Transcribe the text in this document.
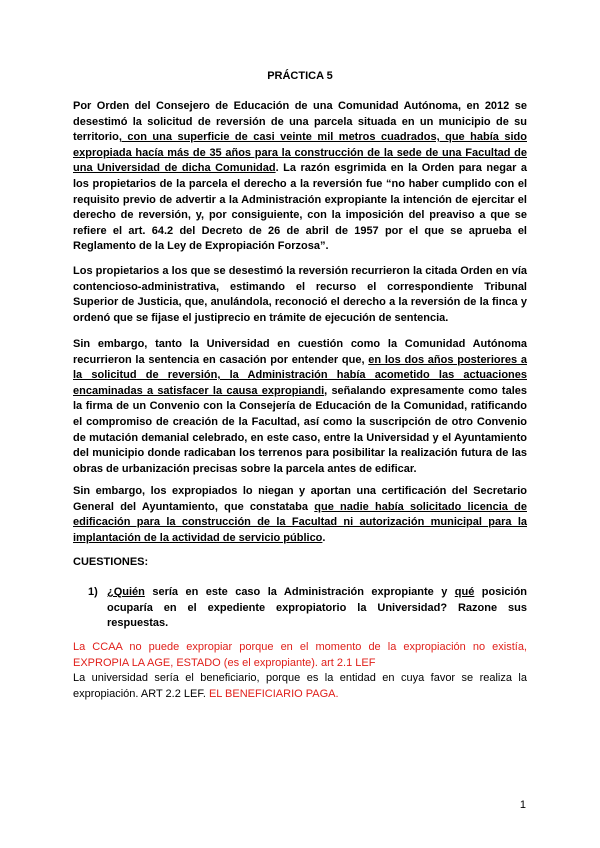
PRÁCTICA 5
Por Orden del Consejero de Educación de una Comunidad Autónoma, en 2012 se desestimó la solicitud de reversión de una parcela situada en un municipio de su territorio, con una superficie de casi veinte mil metros cuadrados, que había sido expropiada hacía más de 35 años para la construcción de la sede de una Facultad de una Universidad de dicha Comunidad. La razón esgrimida en la Orden para negar a los propietarios de la parcela el derecho a la reversión fue “no haber cumplido con el requisito previo de advertir a la Administración expropiante la intención de ejercitar el derecho de reversión, y, por consiguiente, con la imposición del preaviso a que se refiere el art. 64.2 del Decreto de 26 de abril de 1957 por el que se aprueba el Reglamento de la Ley de Expropiación Forzosa”.
Los propietarios a los que se desestimó la reversión recurrieron la citada Orden en vía contencioso-administrativa, estimando el recurso el correspondiente Tribunal Superior de Justicia, que, anulándola, reconoció el derecho a la reversión de la finca y ordenó que se fijase el justiprecio en trámite de ejecución de sentencia.
Sin embargo, tanto la Universidad en cuestión como la Comunidad Autónoma recurrieron la sentencia en casación por entender que, en los dos años posteriores a la solicitud de reversión, la Administración había acometido las actuaciones encaminadas a satisfacer la causa expropiandi, señalando expresamente como tales la firma de un Convenio con la Consejería de Educación de la Comunidad, ratificando el compromiso de creación de la Facultad, así como la suscripción de otro Convenio de mutación demanial celebrado, en este caso, entre la Universidad y el Ayuntamiento del municipio donde radicaban los terrenos para posibilitar la realización futura de las obras de urbanización precisas sobre la parcela antes de edificar.
Sin embargo, los expropiados lo niegan y aportan una certificación del Secretario General del Ayuntamiento, que constataba que nadie había solicitado licencia de edificación para la construcción de la Facultad ni autorización municipal para la implantación de la actividad de servicio público.
CUESTIONES:
1) ¿Quién sería en este caso la Administración expropiante y qué posición ocuparía en el expediente expropiatorio la Universidad? Razone sus respuestas.
La CCAA no puede expropiar porque en el momento de la expropiación no existía, EXPROPIA LA AGE, ESTADO (es el expropiante). art 2.1 LEF
La universidad sería el beneficiario, porque es la entidad en cuya favor se realiza la expropiación. ART 2.2 LEF. EL BENEFICIARIO PAGA.
1
